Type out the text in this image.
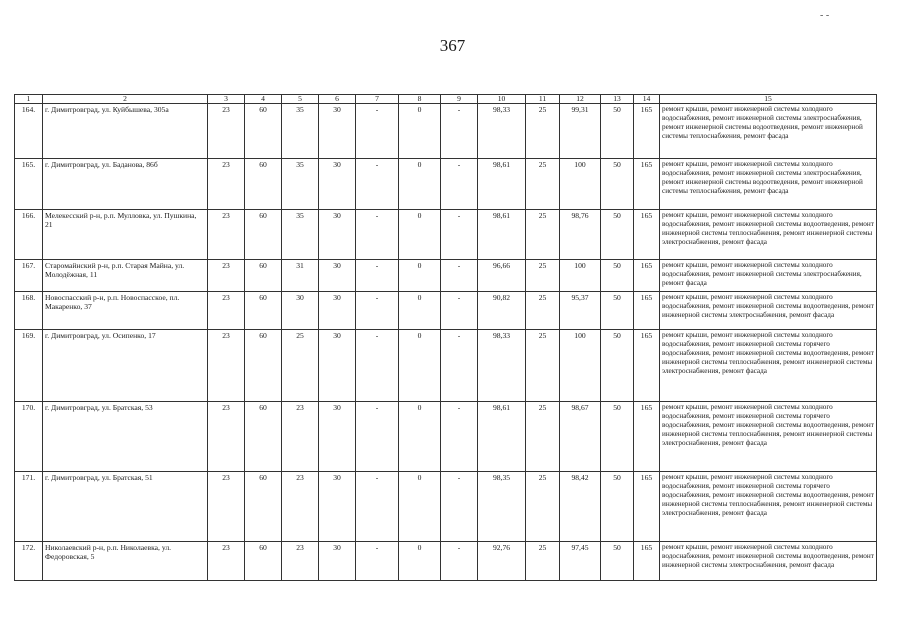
- -
367
1	2	3	4	5	6	7	8	9	10	11	12	13	14	15
164.	г. Димитровград, ул. Куйбышева, 305а	23	60	35	30	-	0	-	98,33	25	99,31	50	165	ремонт крыши, ремонт инженерной системы холодного водоснабжения, ремонт инженерной системы электроснабжения, ремонт инженерной системы водоотведения, ремонт инженерной системы теплоснабжения, ремонт фасада
165.	г. Димитровград, ул. Баданова, 86б	23	60	35	30	-	0	-	98,61	25	100	50	165	ремонт крыши, ремонт инженерной системы холодного водоснабжения, ремонт инженерной системы электроснабжения, ремонт инженерной системы водоотведения, ремонт инженерной системы теплоснабжения, ремонт фасада
166.	Мелекесский р-н, р.п. Мулловка, ул. Пушкина, 21	23	60	35	30	-	0	-	98,61	25	98,76	50	165	ремонт крыши, ремонт инженерной системы холодного водоснабжения, ремонт инженерной системы водоотведения, ремонт инженерной системы теплоснабжения, ремонт инженерной системы электроснабжения, ремонт фасада
167.	Старомайнский р-н, р.п. Старая Майна, ул. Молодёжная, 11	23	60	31	30	-	0	-	96,66	25	100	50	165	ремонт крыши, ремонт инженерной системы холодного водоснабжения, ремонт инженерной системы электроснабжения, ремонт фасада
168.	Новоспасский р-н, р.п. Новоспасское, пл. Макаренко, 37	23	60	30	30	-	0	-	90,82	25	95,37	50	165	ремонт крыши, ремонт инженерной системы холодного водоснабжения, ремонт инженерной системы водоотведения, ремонт инженерной системы электроснабжения, ремонт фасада
169.	г. Димитровград, ул. Осипенко, 17	23	60	25	30	-	0	-	98,33	25	100	50	165	ремонт крыши, ремонт инженерной системы холодного водоснабжения, ремонт инженерной системы горячего водоснабжения, ремонт инженерной системы водоотведения, ремонт инженерной системы теплоснабжения, ремонт инженерной системы электроснабжения, ремонт фасада
170.	г. Димитровград, ул. Братская, 53	23	60	23	30	-	0	-	98,61	25	98,67	50	165	ремонт крыши, ремонт инженерной системы холодного водоснабжения, ремонт инженерной системы горячего водоснабжения, ремонт инженерной системы водоотведения, ремонт инженерной системы теплоснабжения, ремонт инженерной системы электроснабжения, ремонт фасада
171.	г. Димитровград, ул. Братская, 51	23	60	23	30	-	0	-	98,35	25	98,42	50	165	ремонт крыши, ремонт инженерной системы холодного водоснабжения, ремонт инженерной системы горячего водоснабжения, ремонт инженерной системы водоотведения, ремонт инженерной системы теплоснабжения, ремонт инженерной системы электроснабжения, ремонт фасада
172.	Николаевский р-н, р.п. Николаевка, ул. Федоровская, 5	23	60	23	30	-	0	-	92,76	25	97,45	50	165	ремонт крыши, ремонт инженерной системы холодного водоснабжения, ремонт инженерной системы водоотведения, ремонт инженерной системы электроснабжения, ремонт фасада
